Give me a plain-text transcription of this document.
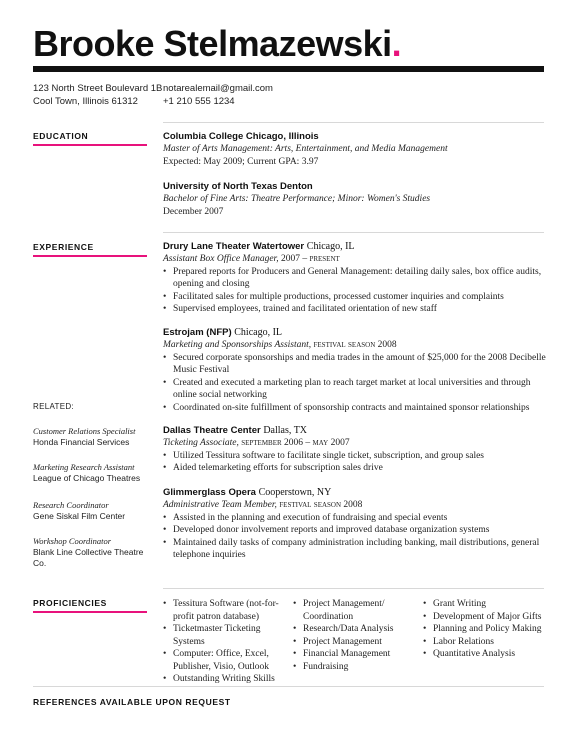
Brooke Stelmazewski.
123 North Street Boulevard 1B
Cool Town, Illinois 61312
notarealemail@gmail.com
+1 210 555 1234
EDUCATION	Columbia College Chicago, Illinois
Master of Arts Management: Arts, Entertainment, and Media Management
Expected: May 2009; Current GPA: 3.97
University of North Texas Denton
Bachelor of Fine Arts: Theatre Performance; Minor: Women's Studies
December 2007
EXPERIENCE	Drury Lane Theater Watertower Chicago, IL
Assistant Box Office Manager, 2007 – present
• Prepared reports for Producers and General Management: detailing daily sales, box office audits, opening and closing
• Facilitated sales for multiple productions, processed customer inquiries and complaints
• Supervised employees, trained and facilitated orientation of new staff
Estrojam (NFP) Chicago, IL
Marketing and Sponsorships Assistant, festival season 2008
• Secured corporate sponsorships and media trades in the amount of $25,000 for the 2008 Decibelle Music Festival
• Created and executed a marketing plan to reach target market at local universities and through online social networking
• Coordinated on-site fulfillment of sponsorship contracts and maintained sponsor relationships
Dallas Theatre Center Dallas, TX
Ticketing Associate, september 2006 – may 2007
• Utilized Tessitura software to facilitate single ticket, subscription, and group sales
• Aided telemarketing efforts for subscription sales drive
Glimmerglass Opera Cooperstown, NY
Administrative Team Member, festival season 2008
• Assisted in the planning and execution of fundraising and special events
• Developed donor involvement reports and improved database organization systems
• Maintained daily tasks of company administration including banking, mail distributions, general telephone inquiries
RELATED:
Customer Relations Specialist
Honda Financial Services
Marketing Research Assistant
League of Chicago Theatres
Research Coordinator
Gene Siskal Film Center
Workshop Coordinator
Blank Line Collective Theatre Co.
PROFICIENCIES
•	Tessitura Software (not-for-profit patron database)
• Ticketmaster Ticketing Systems
• Computer: Office, Excel, Publisher, Visio, Outlook
• Outstanding Writing Skills
• Project Management/ Coordination
• Research/Data Analysis
• Project Management
• Financial Management
• Fundraising
• Grant Writing
• Development of Major Gifts
• Planning and Policy Making
• Labor Relations
• Quantitative Analysis
REFERENCES AVAILABLE UPON REQUEST
